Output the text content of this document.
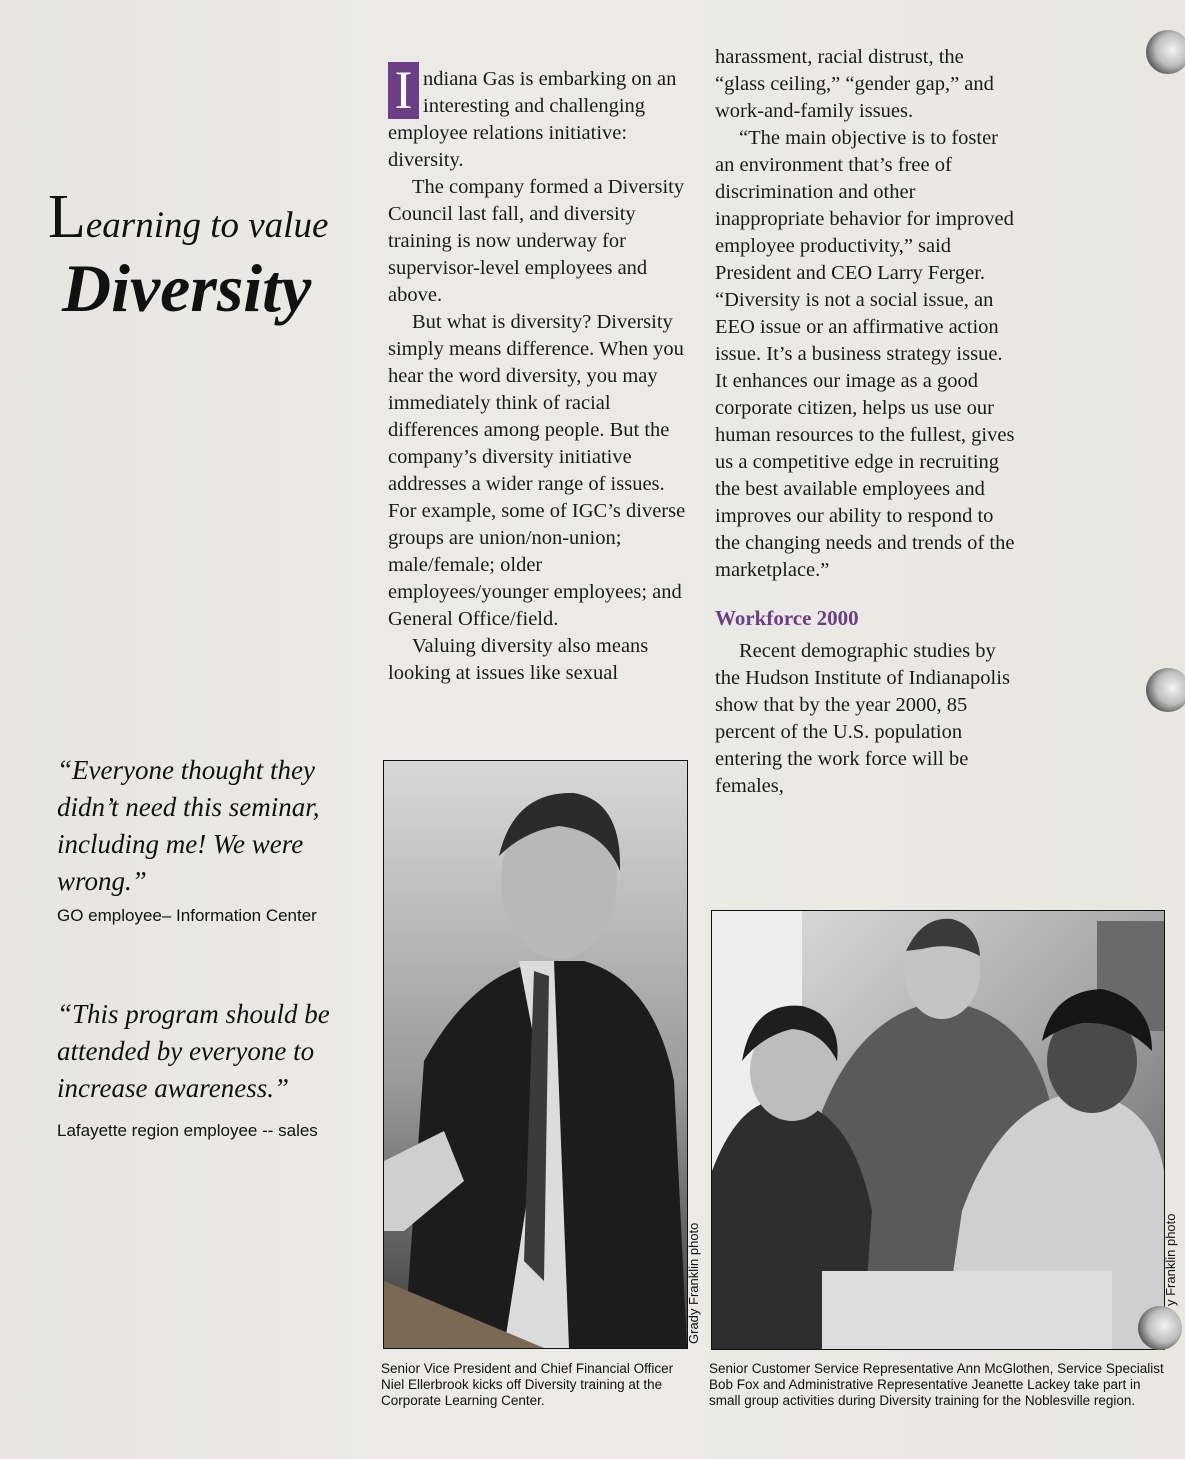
Learning to value
Diversity
“Everyone thought they didn’t need this seminar, including me! We were wrong.”
GO employee– Information Center
“This program should be attended by everyone to increase awareness.”
Lafayette region employee -- sales

I ndiana Gas is embarking on an interesting and challenging employee relations initiative: diversity.

The company formed a Diversity Council last fall, and diversity training is now underway for supervisor-level employees and above.

But what is diversity? Diversity simply means difference. When you hear the word diversity, you may immediately think of racial differences among people. But the company’s diversity initiative addresses a wider range of issues. For example, some of IGC’s diverse groups are union/non-union; male/female; older employees/younger employees; and General Office/field.

Valuing diversity also means looking at issues like sexual

harassment, racial distrust, the “glass ceiling,” “gender gap,” and work-and-family issues.

“The main objective is to foster an environment that’s free of discrimination and other inappropriate behavior for improved employee productivity,” said President and CEO Larry Ferger. “Diversity is not a social issue, an EEO issue or an affirmative action issue. It’s a business strategy issue. It enhances our image as a good corporate citizen, helps us use our human resources to the fullest, gives us a competitive edge in recruiting the best available employees and improves our ability to respond to the changing needs and trends of the marketplace.”

Workforce 2000

Recent demographic studies by the Hudson Institute of Indianapolis show that by the year 2000, 85 percent of the U.S. population entering the work force will be females,

Grady Franklin photo
Senior Vice President and Chief Financial Officer Niel Ellerbrook kicks off Diversity training at the Corporate Learning Center.
y Franklin photo
Senior Customer Service Representative Ann McGlothen, Service Specialist Bob Fox and Administrative Representative Jeanette Lackey take part in small group activities during Diversity training for the Noblesville region.
